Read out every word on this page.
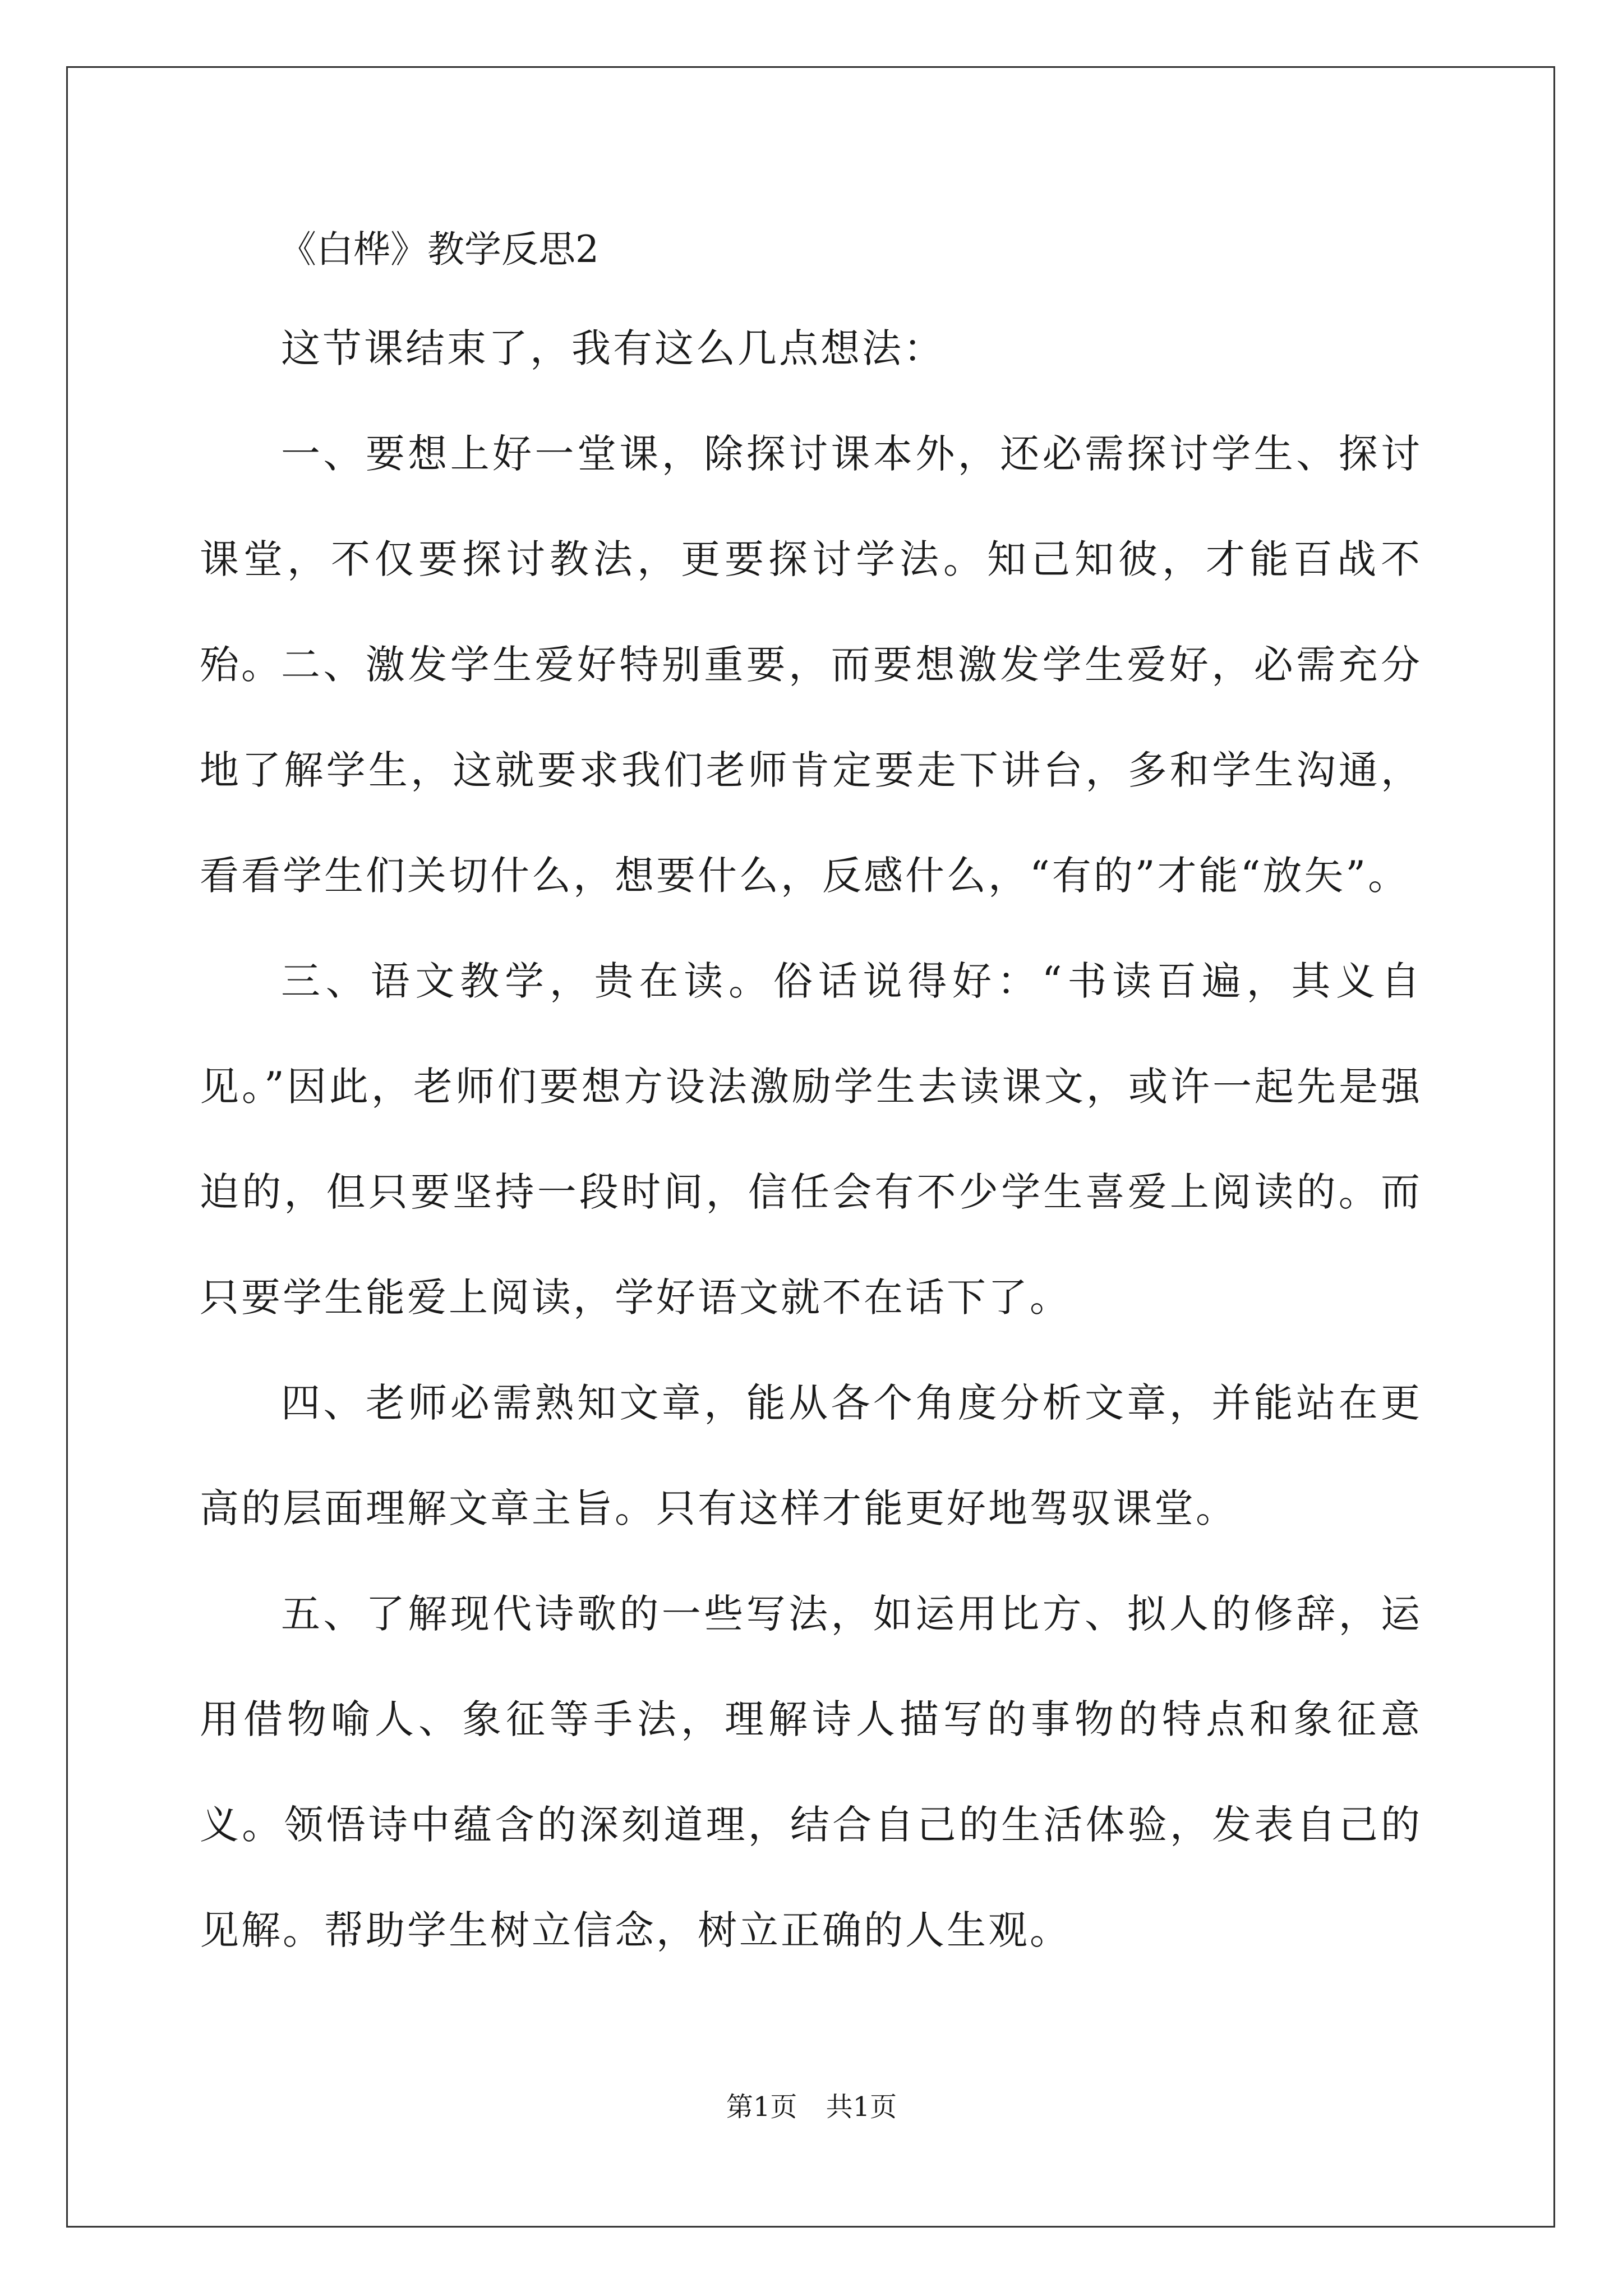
《白桦》教学反思2

这节课结束了，我有这么几点想法：

一、要想上好一堂课，除探讨课本外，还必需探讨学生、探讨课堂，不仅要探讨教法，更要探讨学法。知己知彼，才能百战不殆。

二、激发学生爱好特别重要，而要想激发学生爱好，必需充分地了解学生，这就要求我们老师肯定要走下讲台，多和学生沟通，看看学生们关切什么，想要什么，反感什么，“有的”才能“放矢”。

三、语文教学，贵在读。俗话说得好：“书读百遍，其义自见。”因此，老师们要想方设法激励学生去读课文，或许一起先是强迫的，但只要坚持一段时间，信任会有不少学生喜爱上阅读的。而只要学生能爱上阅读，学好语文就不在话下了。

四、老师必需熟知文章，能从各个角度分析文章，并能站在更高的层面理解文章主旨。只有这样才能更好地驾驭课堂。

五、了解现代诗歌的一些写法，如运用比方、拟人的修辞，运用借物喻人、象征等手法，理解诗人描写的事物的特点和象征意义。领悟诗中蕴含的深刻道理，结合自己的生活体验，发表自己的见解。帮助学生树立信念，树立正确的人生观。

第1页 共1页
